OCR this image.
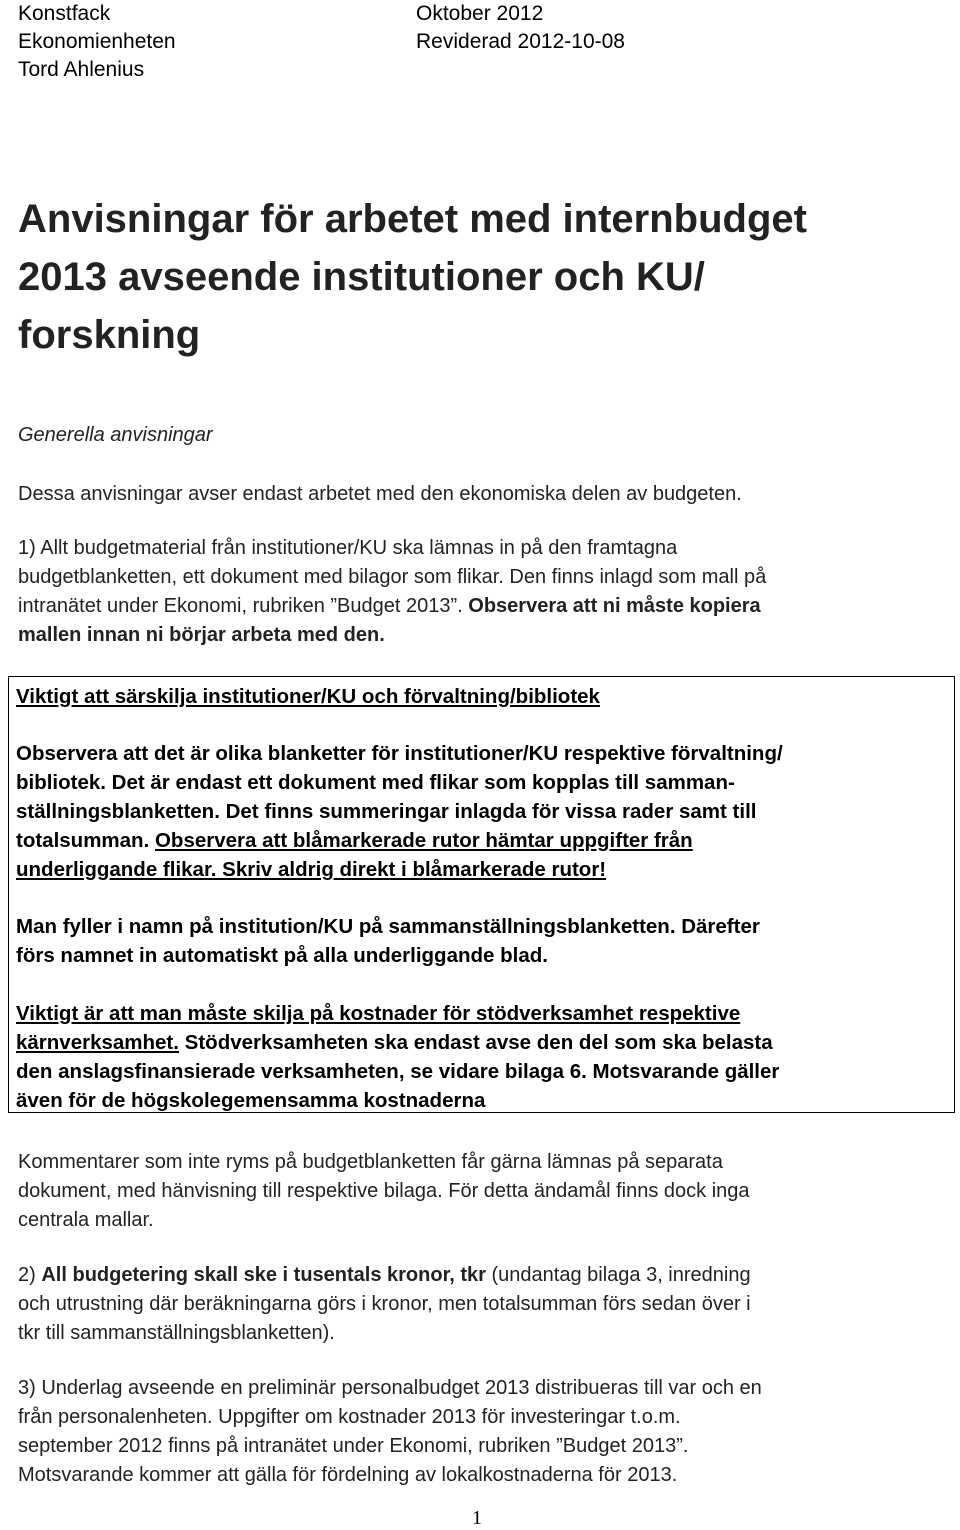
Konstfack
Ekonomienheten
Tord Ahlenius
Oktober 2012
Reviderad 2012-10-08
Anvisningar för arbetet med internbudget
2013 avseende institutioner och KU/
forskning
Generella anvisningar
Dessa anvisningar avser endast arbetet med den ekonomiska delen av budgeten.
1) Allt budgetmaterial från institutioner/KU ska lämnas in på den framtagna
budgetblanketten, ett dokument med bilagor som flikar. Den finns inlagd som mall på
intranätet under Ekonomi, rubriken ”Budget 2013”. Observera att ni måste kopiera
mallen innan ni börjar arbeta med den.
Viktigt att särskilja institutioner/KU och förvaltning/bibliotek
Observera att det är olika blanketter för institutioner/KU respektive förvaltning/
bibliotek. Det är endast ett dokument med flikar som kopplas till samman-
ställningsblanketten. Det finns summeringar inlagda för vissa rader samt till
totalsumman. Observera att blåmarkerade rutor hämtar uppgifter från
underliggande flikar. Skriv aldrig direkt i blåmarkerade rutor!
Man fyller i namn på institution/KU på sammanställningsblanketten. Därefter
förs namnet in automatiskt på alla underliggande blad.
Viktigt är att man måste skilja på kostnader för stödverksamhet respektive
kärnverksamhet. Stödverksamheten ska endast avse den del som ska belasta
den anslagsfinansierade verksamheten, se vidare bilaga 6. Motsvarande gäller
även för de högskolegemensamma kostnaderna
Kommentarer som inte ryms på budgetblanketten får gärna lämnas på separata
dokument, med hänvisning till respektive bilaga. För detta ändamål finns dock inga
centrala mallar.
2) All budgetering skall ske i tusentals kronor, tkr (undantag bilaga 3, inredning
och utrustning där beräkningarna görs i kronor, men totalsumman förs sedan över i
tkr till sammanställningsblanketten).
3) Underlag avseende en preliminär personalbudget 2013 distribueras till var och en
från personalenheten. Uppgifter om kostnader 2013 för investeringar t.o.m.
september 2012 finns på intranätet under Ekonomi, rubriken ”Budget 2013”.
Motsvarande kommer att gälla för fördelning av lokalkostnaderna för 2013.
1
